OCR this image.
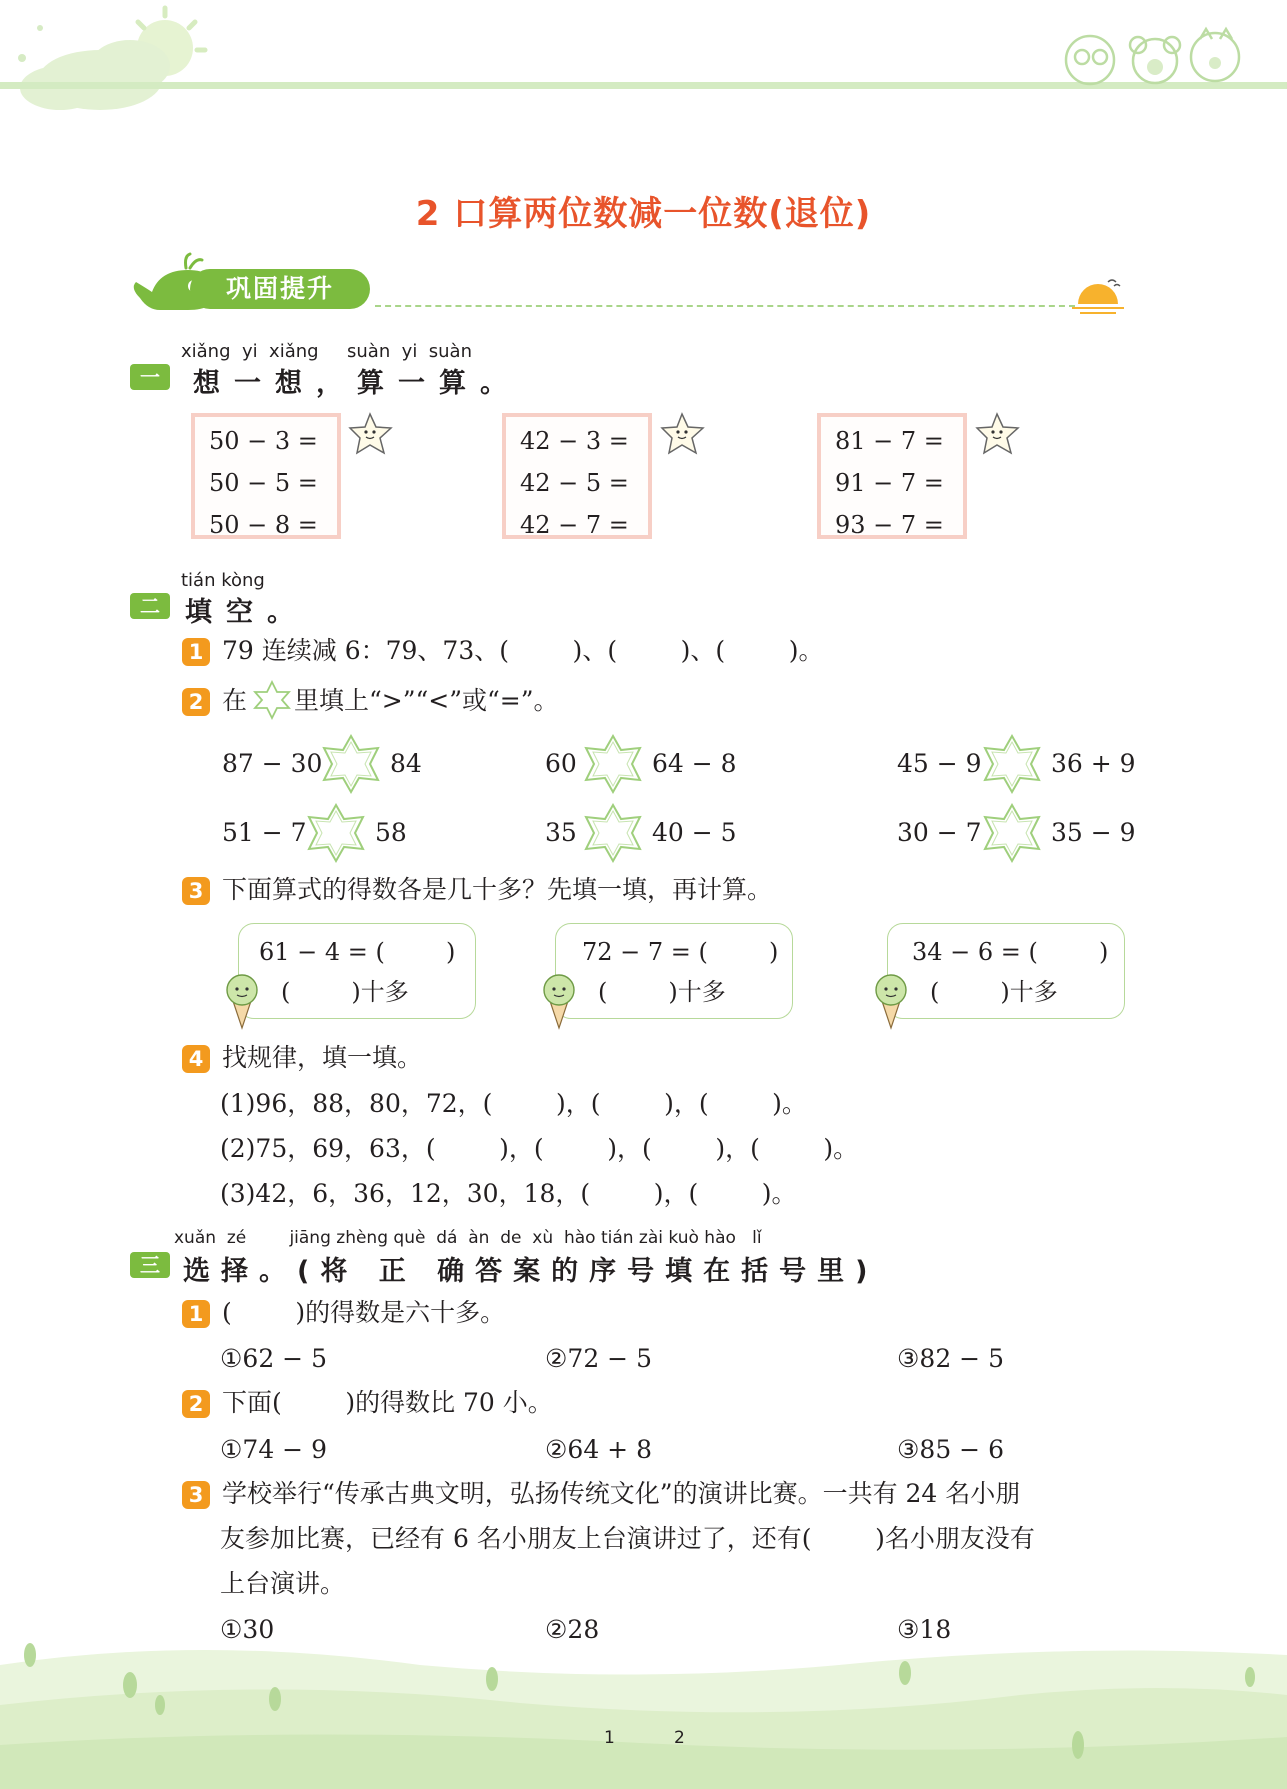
2 口算两位数减一位数(退位)
巩固提升
xiǎng  yi  xiǎng suàn  yi  suàn
一	想一想，算一算。
50 − 3 =
50 − 5 =
50 − 8 =
42 − 3 =
42 − 5 =
42 − 7 =
81 − 7 =
91 − 7 =
93 − 7 =
tián kòng
二 填空。
1 79 连续减 6：79、73、(        )、(        )、(        )。
2 在 里填上“>”“<”或“=”。
87 − 30	84	60	64 − 8	45 − 9	36 + 9
51 − 7	58	35	40 − 5	30 − 7	35 − 9
3 下面算式的得数各是几十多？先填一填，再计算。
61 − 4 = (        )
(        )十多
72 − 7 = (        )
(        )十多
34 − 6 = (        )
(        )十多
4 找规律，填一填。
(1)96，88，80，72，(        )，(        )，(        )。
(2)75，69，63，(        )，(        )，(        )，(        )。
(3)42，6，36，12，30，18，(        )，(        )。
xuǎn  zé        jiāng zhèng què  dá  àn  de  xù  hào tián zài kuò hào   lǐ
三 选择。(将 正 确答案的序号填在括号里)
1 (        )的得数是六十多。
①62 − 5	②72 − 5	③82 − 5
2 下面(        )的得数比 70 小。
①74 − 9	②64 + 8	③85 − 6
3 学校举行“传承古典文明，弘扬传统文化”的演讲比赛。一共有 24 名小朋
友参加比赛，已经有 6 名小朋友上台演讲过了，还有(        )名小朋友没有
上台演讲。
①30	②28	③18
1	2
